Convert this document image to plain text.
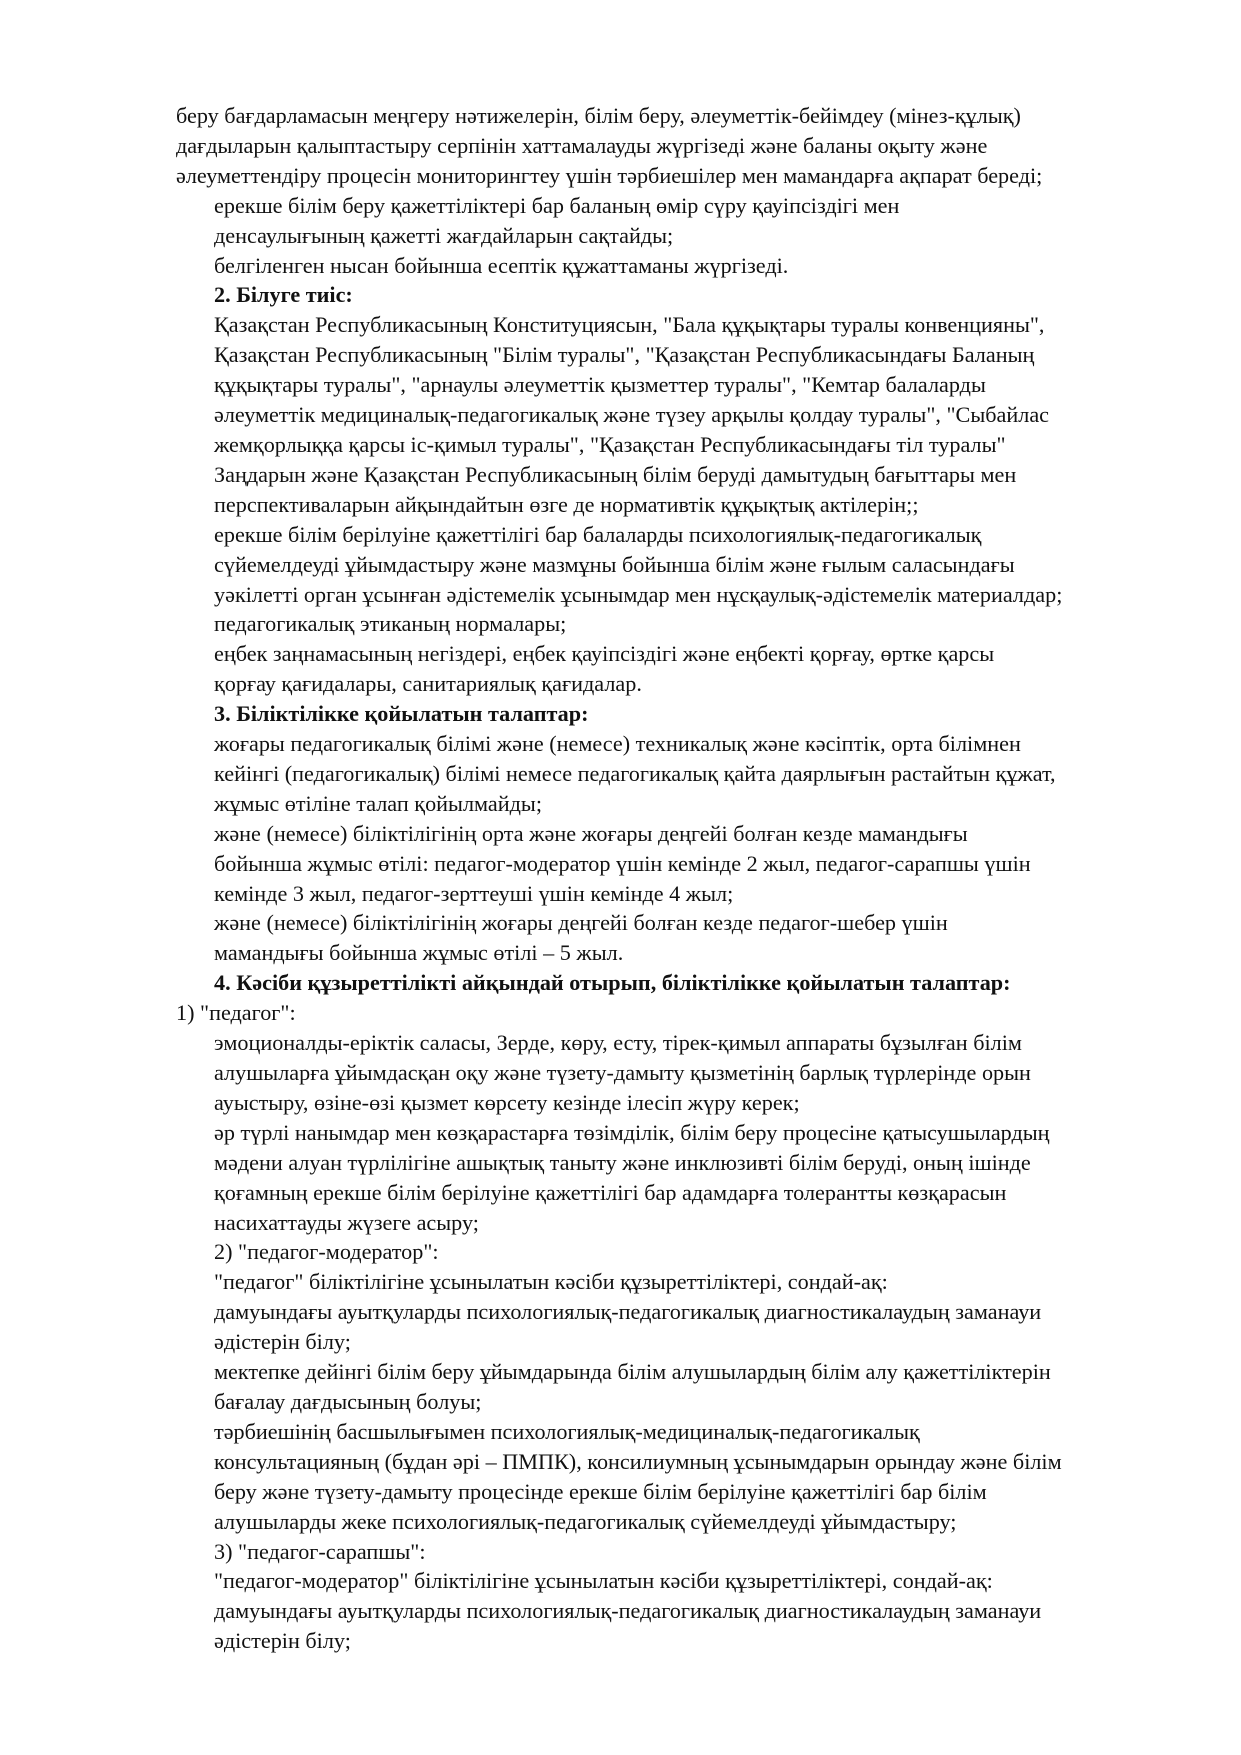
беру бағдарламасын меңгеру нәтижелерін, білім беру, әлеуметтік-бейімдеу (мінез-құлық)
дағдыларын қалыптастыру серпінін хаттамалауды жүргізеді және баланы оқыту және
әлеуметтендіру процесін мониторингтеу үшін тәрбиешілер мен мамандарға ақпарат береді;

ерекше білім беру қажеттіліктері бар баланың өмір сүру қауіпсіздігі мен
денсаулығының қажетті жағдайларын сақтайды;

белгіленген нысан бойынша есептік құжаттаманы жүргізеді.

2. Білуге тиіс:

Қазақстан Республикасының Конституциясын, "Бала құқықтары туралы конвенцияны",
Қазақстан Республикасының "Білім туралы", "Қазақстан Республикасындағы Баланың
құқықтары туралы", "арнаулы әлеуметтік қызметтер туралы", "Кемтар балаларды
әлеуметтік медициналық-педагогикалық және түзеу арқылы қолдау туралы", "Сыбайлас
жемқорлыққа қарсы іс-қимыл туралы", "Қазақстан Республикасындағы тіл туралы"
Заңдарын және Қазақстан Республикасының білім беруді дамытудың бағыттары мен
перспективаларын айқындайтын өзге де нормативтік құқықтық актілерін;;

ерекше білім берілуіне қажеттілігі бар балаларды психологиялық-педагогикалық
сүйемелдеуді ұйымдастыру және мазмұны бойынша білім және ғылым саласындағы
уәкілетті орган ұсынған әдістемелік ұсынымдар мен нұсқаулық-әдістемелік материалдар;

педагогикалық этиканың нормалары;

еңбек заңнамасының негіздері, еңбек қауіпсіздігі және еңбекті қорғау, өртке қарсы
қорғау қағидалары, санитариялық қағидалар.

3. Біліктілікке қойылатын талаптар:

жоғары педагогикалық білімі және (немесе) техникалық және кәсіптік, орта білімнен
кейінгі (педагогикалық) білімі немесе педагогикалық қайта даярлығын растайтын құжат,
жұмыс өтіліне талап қойылмайды;

және (немесе) біліктілігінің орта және жоғары деңгейі болған кезде мамандығы
бойынша жұмыс өтілі: педагог-модератор үшін кемінде 2 жыл, педагог-сарапшы үшін
кемінде 3 жыл, педагог-зерттеуші үшін кемінде 4 жыл;

және (немесе) біліктілігінің жоғары деңгейі болған кезде педагог-шебер үшін
мамандығы бойынша жұмыс өтілі – 5 жыл.

4. Кәсіби құзыреттілікті айқындай отырып, біліктілікке қойылатын талаптар:

1) "педагог":

эмоционалды-еріктік саласы, Зерде, көру, есту, тірек-қимыл аппараты бұзылған білім
алушыларға ұйымдасқан оқу және түзету-дамыту қызметінің барлық түрлерінде орын
ауыстыру, өзіне-өзі қызмет көрсету кезінде ілесіп жүру керек;

әр түрлі нанымдар мен көзқарастарға төзімділік, білім беру процесіне қатысушылардың
мәдени алуан түрлілігіне ашықтық таныту және инклюзивті білім беруді, оның ішінде
қоғамның ерекше білім берілуіне қажеттілігі бар адамдарға толерантты көзқарасын
насихаттауды жүзеге асыру;

2) "педагог-модератор":

"педагог" біліктілігіне ұсынылатын кәсіби құзыреттіліктері, сондай-ақ:

дамуындағы ауытқуларды психологиялық-педагогикалық диагностикалаудың заманауи
әдістерін білу;

мектепке дейінгі білім беру ұйымдарында білім алушылардың білім алу қажеттіліктерін
бағалау дағдысының болуы;

тәрбиешінің басшылығымен психологиялық-медициналық-педагогикалық
консультацияның (бұдан әрі – ПМПК), консилиумның ұсынымдарын орындау және білім
беру және түзету-дамыту процесінде ерекше білім берілуіне қажеттілігі бар білім
алушыларды жеке психологиялық-педагогикалық сүйемелдеуді ұйымдастыру;

3) "педагог-сарапшы":

"педагог-модератор" біліктілігіне ұсынылатын кәсіби құзыреттіліктері, сондай-ақ:

дамуындағы ауытқуларды психологиялық-педагогикалық диагностикалаудың заманауи
әдістерін білу;
